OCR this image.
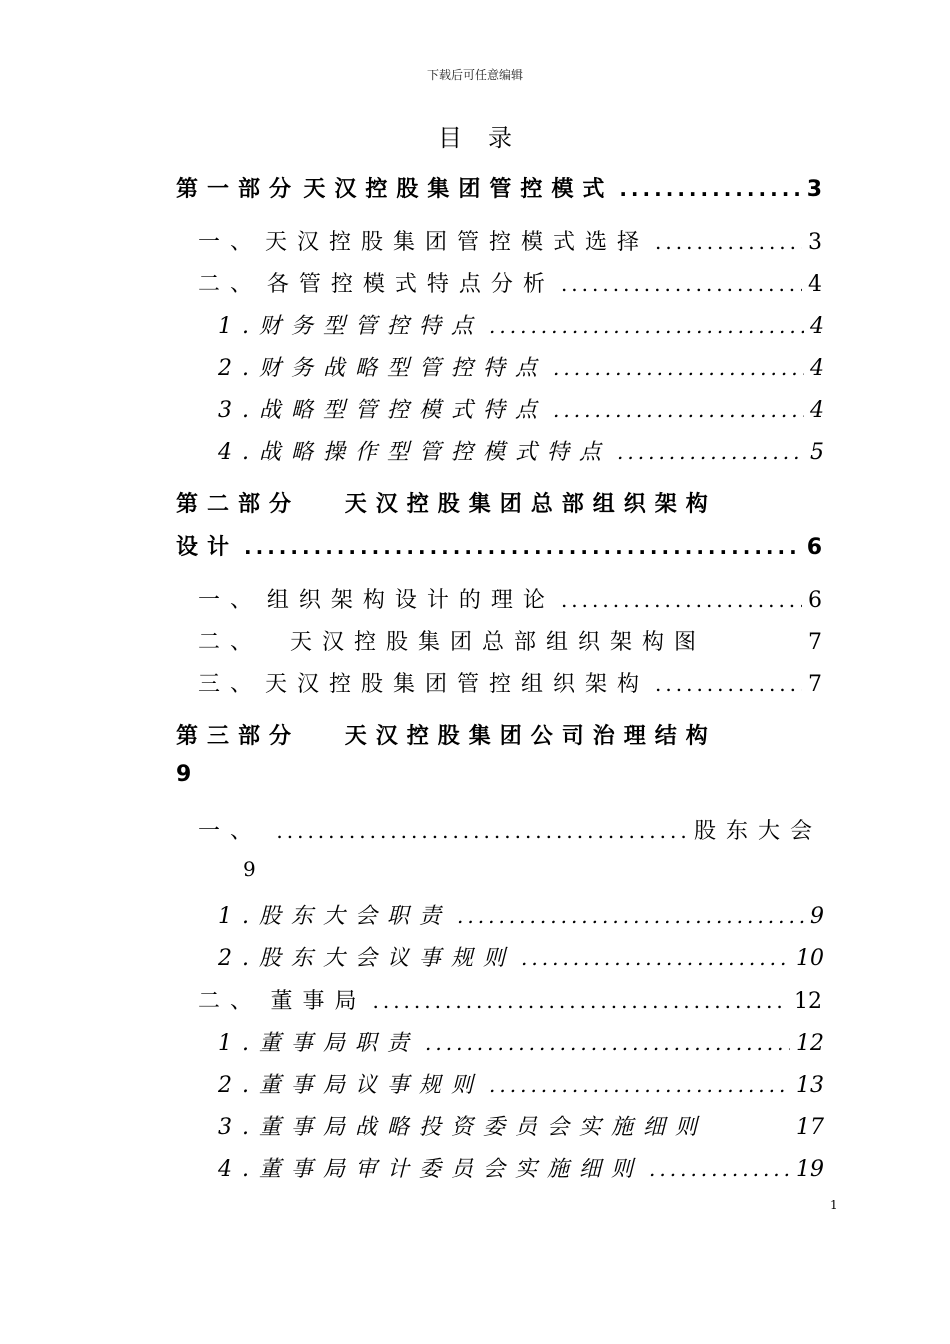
下载后可任意编辑
目录
第一部分 天汉控股集团管控模式 .....	3
一、 天汉控股集团管控模式选择 .....	3
二、 各管控模式特点分析 .....	4
1. 财务型管控特点 .....	4
2. 财务战略型管控特点 .....	4
3. 战略型管控模式特点 .....	4
4. 战略操作型管控模式特点 .....	5
第二部分 天汉控股集团总部组织架构
设计 .....	6
一、 组织架构设计的理论 .....	6
二、 天汉控股集团总部组织架构图	7
三、 天汉控股集团管控组织架构 .....	7
第三部分 天汉控股集团公司治理结构
9
一、 .....	股东大会
9
1. 股东大会职责 .....	9
2. 股东大会议事规则 .....	10
二、 董事局 .....	12
1. 董事局职责 .....	12
2. 董事局议事规则 .....	13
3. 董事局战略投资委员会实施细则	17
4. 董事局审计委员会实施细则 .....	19
1
